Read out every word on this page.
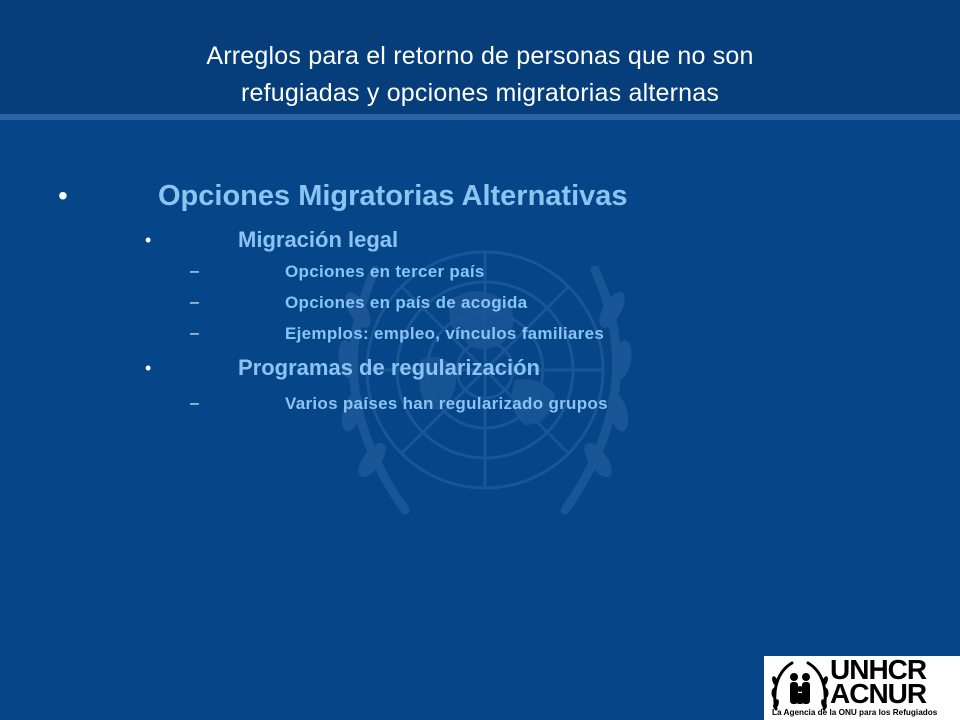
Arreglos para el retorno de personas que no son
refugiadas y opciones migratorias alternas
•	Opciones Migratorias Alternativas
•	Migración legal
–	Opciones en tercer país
–	Opciones en país de acogida
–	Ejemplos: empleo, vínculos familiares
•	Programas de regularización
–	Varios países han regularizado grupos
UNHCR
ACNUR
La Agencia de la ONU para los Refugiados
